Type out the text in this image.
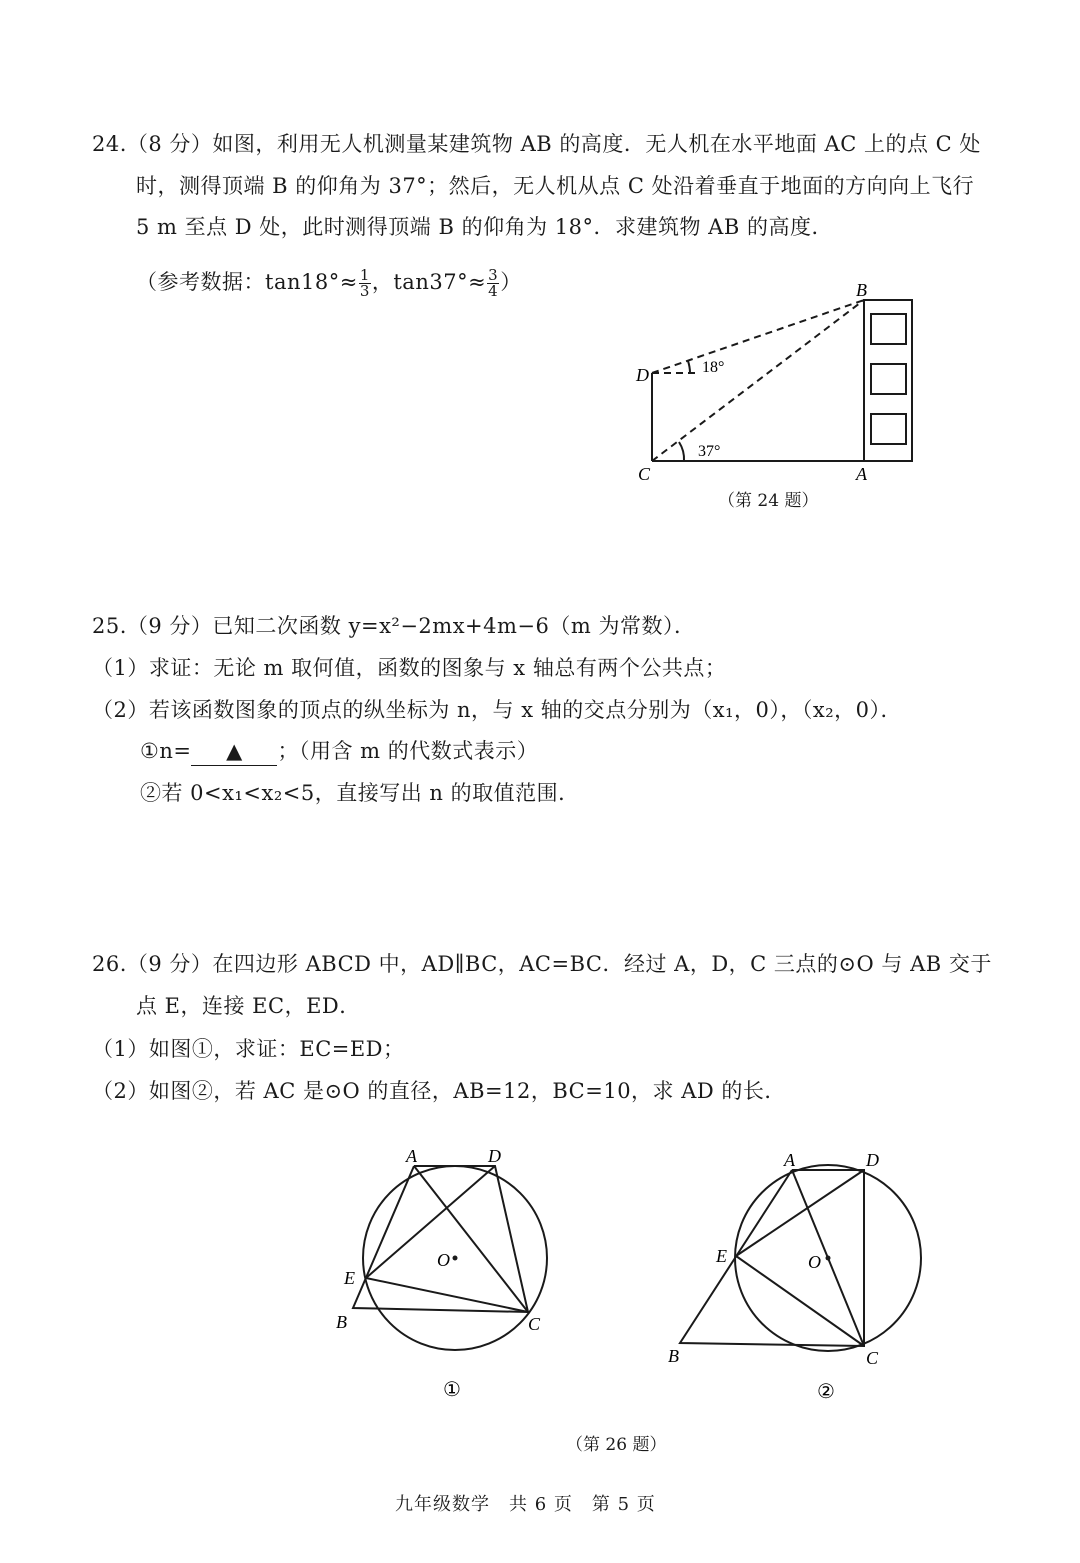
24.（8 分）如图，利用无人机测量某建筑物 AB 的高度．无人机在水平地面 AC 上的点 C 处
时，测得顶端 B 的仰角为 37°；然后，无人机从点 C 处沿着垂直于地面的方向向上飞行
5 m 至点 D 处，此时测得顶端 B 的仰角为 18°．求建筑物 AB 的高度．
（参考数据：$\tan 18^\circ\approx \frac{1}{3}$ ，$\tan 37^\circ\approx \frac{3}{4}$ ）	B
D
C	A
18°
37°
（第 24 题）
25.（9 分）已知二次函数 y=x²−2mx+4m−6（m 为常数）．
（1）求证：无论 m 取何值，函数的图象与 x 轴总有两个公共点；
（2）若该函数图象的顶点的纵坐标为 n，与 x 轴的交点分别为（x₁，0），（x₂，0）．
①n= ▲ ；（用含 m 的代数式表示）
②若 0<x₁<x₂<5，直接写出 n 的取值范围．
26.（9 分）在四边形 ABCD 中，AD∥BC，AC=BC．经过 A，D，C 三点的⊙O 与 AB 交于
点 E，连接 EC，ED．
（1）如图①，求证：EC=ED；
（2）如图②，若 AC 是⊙O 的直径，AB=12，BC=10，求 AD 的长．
A	D
E
B	C
O
①
A	D
E
B	C
O
②
（第 26 题）
九年级数学　共 6 页　第 5 页
